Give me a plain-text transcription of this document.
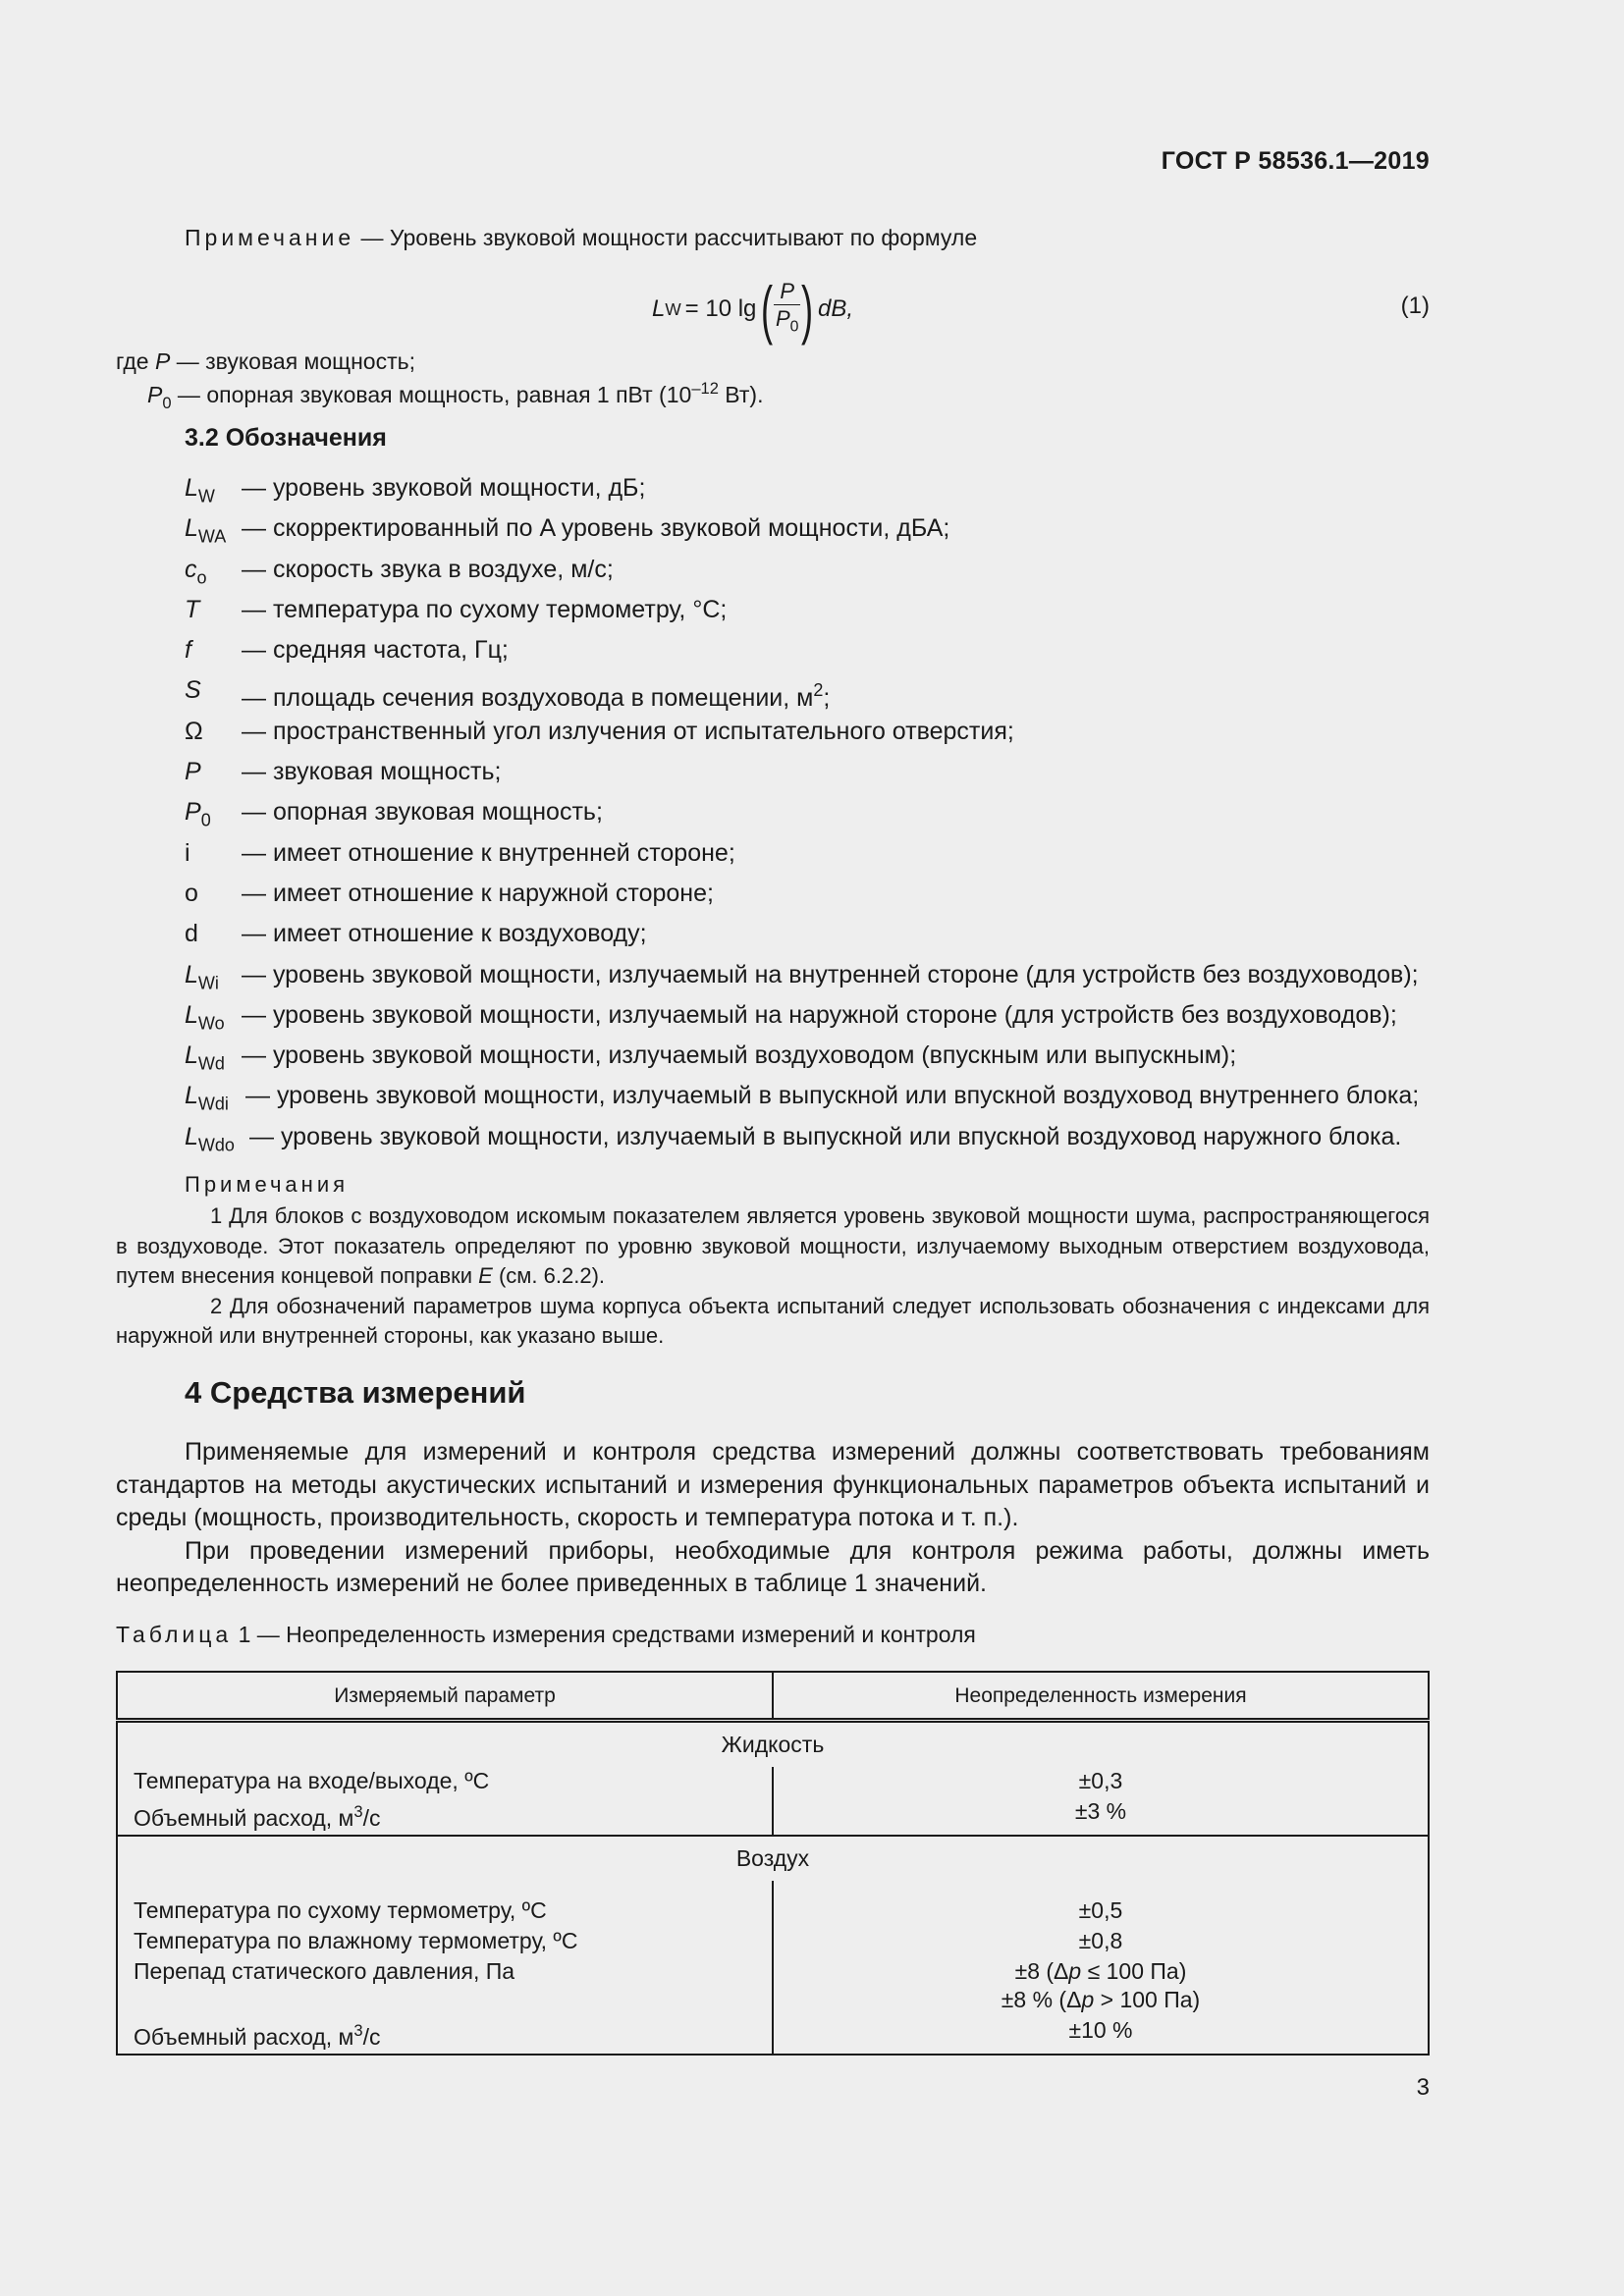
ГОСТ Р 58536.1—2019
Примечание — Уровень звуковой мощности рассчитывают по формуле
L W = 10 lg ( $\frac{P}{P_0}$ ) dB,	(1)
где P — звуковая мощность;
$P_0$ — опорная звуковая мощность, равная 1 пВт ($10^{-12}$ Вт).
3.2 Обозначения
$L_W$	— уровень звуковой мощности, дБ;
$L_{WA}$ — скорректированный по A уровень звуковой мощности, дБА;
$c_o$	— скорость звука в воздухе, м/с;
T	— температура по сухому термометру, °С;
f	— средняя частота, Гц;
S	— площадь сечения воздуховода в помещении, $м^2$;
Ω	— пространственный угол излучения от испытательного отверстия;
P	— звуковая мощность;
$P_0$	— опорная звуковая мощность;
i	— имеет отношение к внутренней стороне;
o	— имеет отношение к наружной стороне;
d	— имеет отношение к воздуховоду;
$L_{Wi}$ — уровень звуковой мощности, излучаемый на внутренней стороне (для устройств без воздуховодов);
$L_{Wo}$ — уровень звуковой мощности, излучаемый на наружной стороне (для устройств без воздуховодов);
$L_{Wd}$ — уровень звуковой мощности, излучаемый воздуховодом (впускным или выпускным);
$L_{Wdi}$ — уровень звуковой мощности, излучаемый в выпускной или впускной воздуховод внутреннего блока;
$L_{Wdo}$ — уровень звуковой мощности, излучаемый в выпускной или впускной воздуховод наружного блока.
Примечания

1 Для блоков с воздуховодом искомым показателем является уровень звуковой мощности шума, распространяющегося в воздуховоде. Этот показатель определяют по уровню звуковой мощности, излучаемому выходным отверстием воздуховода, путем внесения концевой поправки E (см. 6.2.2).

2 Для обозначений параметров шума корпуса объекта испытаний следует использовать обозначения с индексами для наружной или внутренней стороны, как указано выше.

4 Средства измерений

Применяемые для измерений и контроля средства измерений должны соответствовать требованиям стандартов на методы акустических испытаний и измерения функциональных параметров объекта испытаний и среды (мощность, производительность, скорость и температура потока и т. п.).

При проведении измерений приборы, необходимые для контроля режима работы, должны иметь неопределенность измерений не более приведенных в таблице 1 значений.

Таблица 1 — Неопределенность измерения средствами измерений и контроля
Измеряемый параметр	Неопределенность измерения
Жидкость	
Температура на входе/выходе, ºС	±0,3
Объемный расход, $м^3/с$	±3 %
Воздух	
Температура по сухому термометру, ºС	±0,5
Температура по влажному термометру, ºС	±0,8
Перепад статического давления, Па	±8 (Δp ≤ 100 Па)
±8 % (Δp > 100 Па)

Объемный расход, $м^3/с$	±10 %
3
